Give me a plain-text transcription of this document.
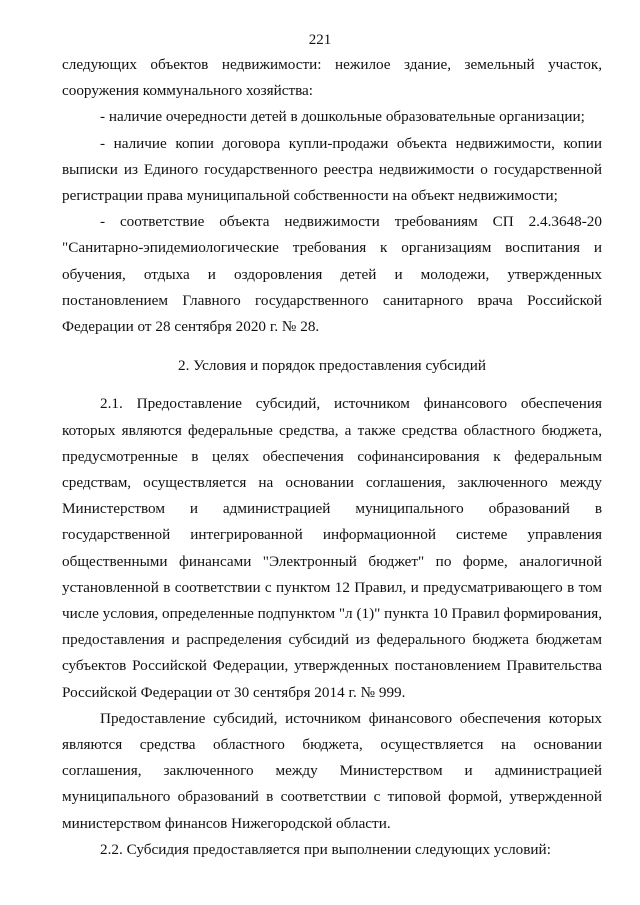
221

следующих объектов недвижимости: нежилое здание, земельный участок, сооружения коммунального хозяйства:

- наличие очередности детей в дошкольные образовательные организации;

- наличие копии договора купли-продажи объекта недвижимости, копии выписки из Единого государственного реестра недвижимости о государственной регистрации права муниципальной собственности на объект недвижимости;

- соответствие объекта недвижимости требованиям СП 2.4.3648-20 "Санитарно-эпидемиологические требования к организациям воспитания и обучения, отдыха и оздоровления детей и молодежи, утвержденных постановлением Главного государственного санитарного врача Российской Федерации от 28 сентября 2020 г. № 28.

2. Условия и порядок предоставления субсидий

2.1. Предоставление субсидий, источником финансового обеспечения которых являются федеральные средства, а также средства областного бюджета, предусмотренные в целях обеспечения софинансирования к федеральным средствам, осуществляется на основании соглашения, заключенного между Министерством и администрацией муниципального образований в государственной интегрированной информационной системе управления общественными финансами "Электронный бюджет" по форме, аналогичной установленной в соответствии с пунктом 12 Правил, и предусматривающего в том числе условия, определенные подпунктом "л (1)" пункта 10 Правил формирования, предоставления и распределения субсидий из федерального бюджета бюджетам субъектов Российской Федерации, утвержденных постановлением Правительства Российской Федерации от 30 сентября 2014 г. № 999.

Предоставление субсидий, источником финансового обеспечения которых являются средства областного бюджета, осуществляется на основании соглашения, заключенного между Министерством и администрацией муниципального образований в соответствии с типовой формой, утвержденной министерством финансов Нижегородской области.

2.2. Субсидия предоставляется при выполнении следующих условий:
